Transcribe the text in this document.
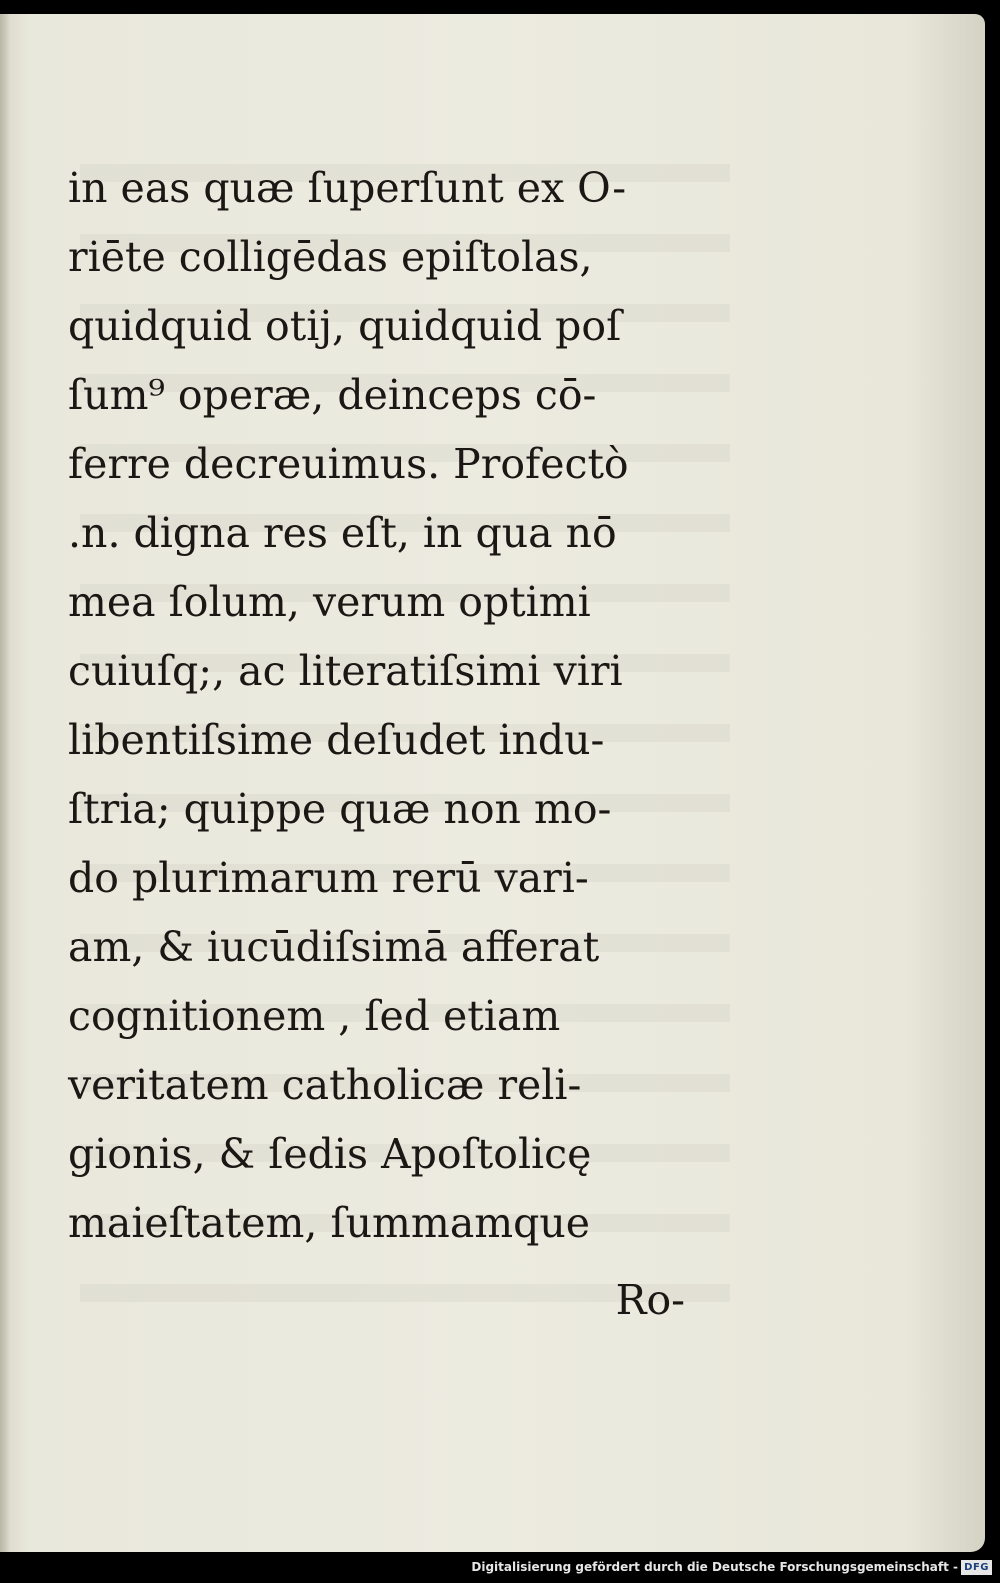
in eas quæ ſuperſunt ex O-
riēte colligēdas epiſtolas,
quidquid otij, quidquid poſ
ſum⁹ operæ, deinceps cō-
ferre decreuimus. Profectò
.n. digna res eſt, in qua nō
mea ſolum, verum optimi
cuiuſq;, ac literatiſsimi viri
libentiſsime deſudet indu-
ſtria; quippe quæ non mo-
do plurimarum rerū vari-
am, & iucūdiſsimā afferat
cognitionem , ſed etiam
veritatem catholicæ reli-
gionis, & ſedis Apoſtolicę
maieſtatem, ſummamque
Ro-
Digitalisierung gefördert durch die Deutsche Forschungsgemeinschaft - DFG
